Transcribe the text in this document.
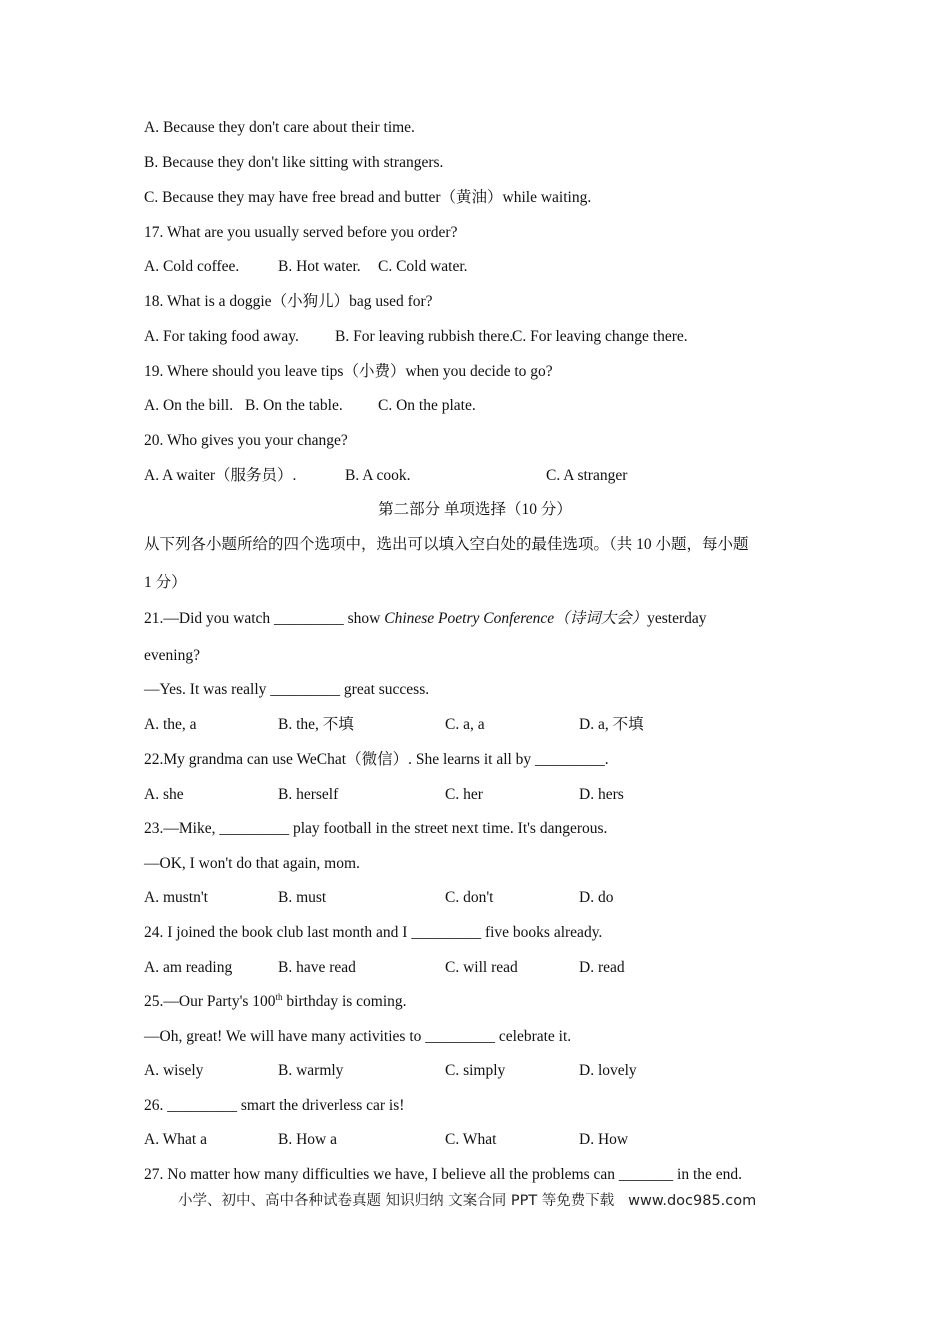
A. Because they don't care about their time.
B. Because they don't like sitting with strangers.
C. Because they may have free bread and butter（黄油）while waiting.
17. What are you usually served before you order?
A. Cold coffee. B. Hot water. C. Cold water.
18. What is a doggie（小狗儿）bag used for?
A. For taking food away. B. For leaving rubbish there.
C. For leaving change there.
19. Where should you leave tips（小费）when you decide to go?
A. On the bill. B. On the table. C. On the plate.
20. Who gives you your change?
A. A waiter（服务员）.	B. A cook.	C. A stranger
第二部分 单项选择（10 分）
从下列各小题所给的四个选项中，选出可以填入空白处的最佳选项。（共 10 小题，每小题
1 分）
21.—Did you watch _________ show Chinese Poetry Conference（诗词大会）yesterday
evening?
—Yes. It was really _________ great success.
A. the, a	B. the, 不填	C. a, a	D. a, 不填
22.My grandma can use WeChat（微信）. She learns it all by _________.
A. she	B. herself	C. her	D. hers
23.—Mike, _________ play football in the street next time. It's dangerous.
—OK, I won't do that again, mom.
A. mustn't	B. must	C. don't	D. do
24. I joined the book club last month and I _________ five books already.
A. am reading	B. have read	C. will read	D. read
25.—Our Party's 100th birthday is coming.
—Oh, great! We will have many activities to _________ celebrate it.
A. wisely	B. warmly	C. simply	D. lovely
26. _________ smart the driverless car is!
A. What a	B. How a	C. What	D. How
27. No matter how many difficulties we have, I believe all the problems can _______ in the end.
小学、初中、高中各种试卷真题 知识归纳 文案合同 PPT 等免费下载   www.doc985.com
